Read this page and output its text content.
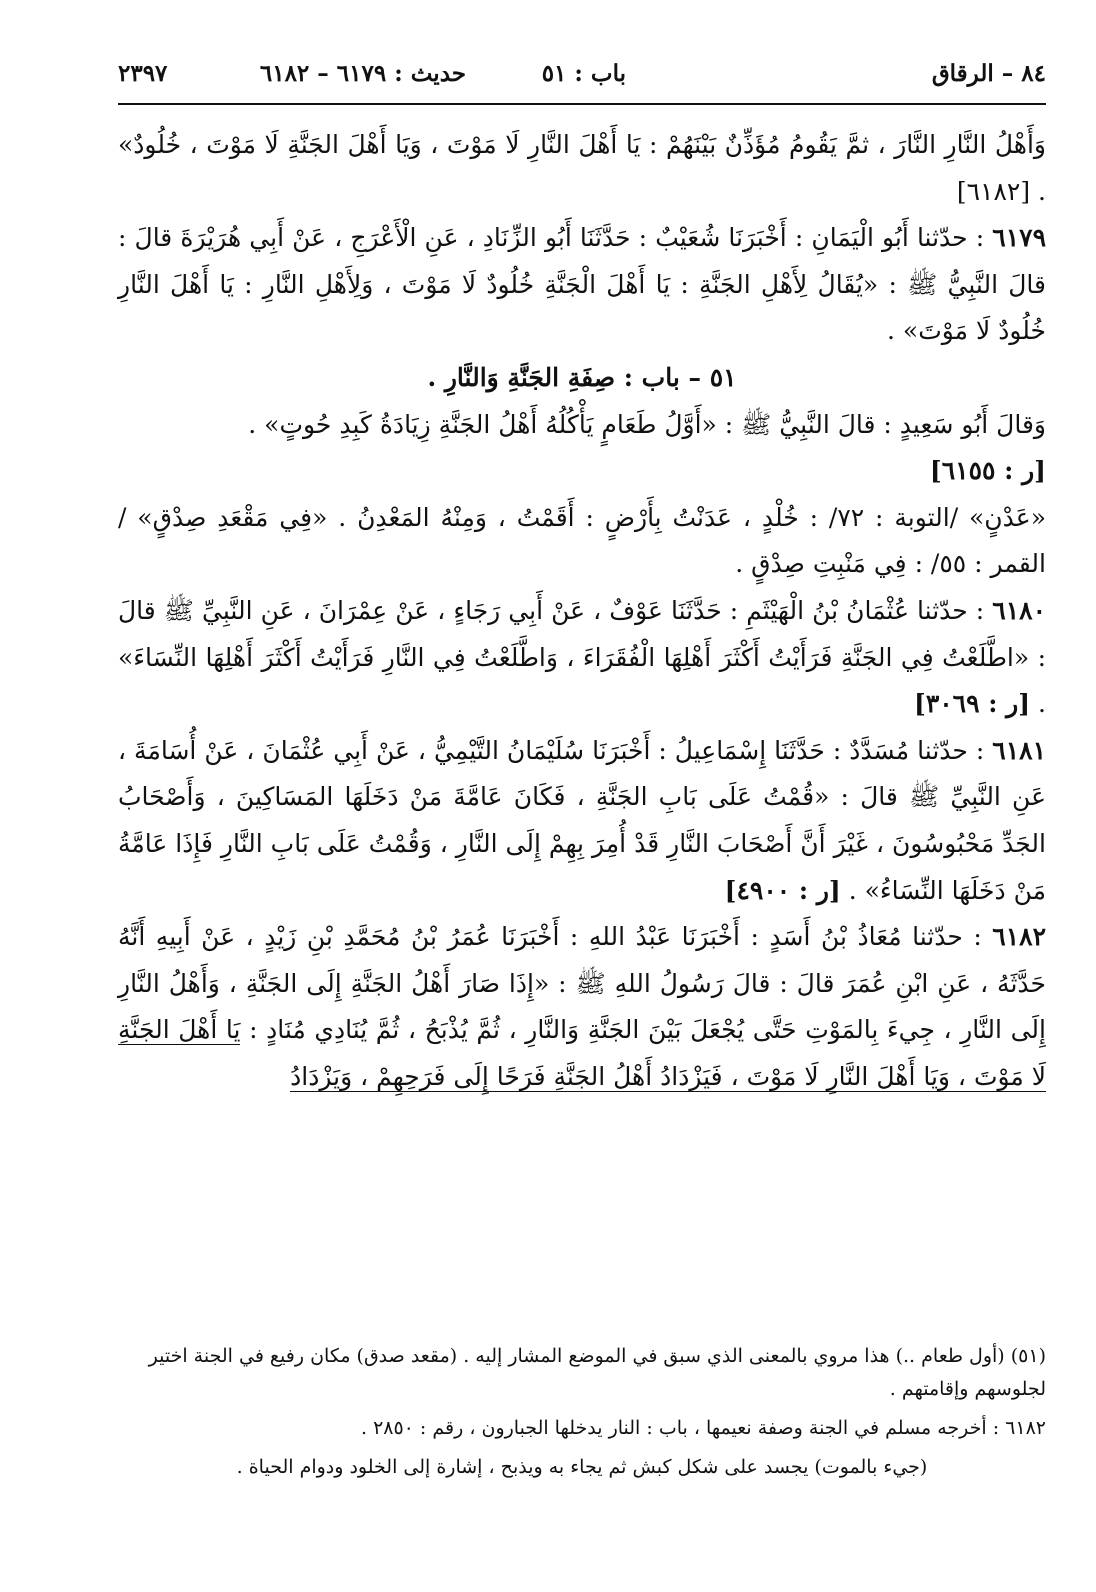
٨٤ – الرقاق
باب : ٥١
حديث : ٦١٧٩ – ٦١٨٢
٢٣٩٧

وَأَهْلُ النَّارِ النَّارَ ، ثمَّ يَقُومُ مُؤَذِّنٌ بَيْنَهُمْ : يَا أَهْلَ النَّارِ لَا مَوْتَ ، وَيَا أَهْلَ الجَنَّةِ لَا مَوْتَ ، خُلُودٌ» . [٦١٨٢]

٦١٧٩ : حدّثنا أَبُو الْيَمَانِ : أَخْبَرَنَا شُعَيْبٌ : حَدَّثَنَا أَبُو الزِّنَادِ ، عَنِ الْأَعْرَجِ ، عَنْ أَبِي هُرَيْرَةَ قالَ : قالَ النَّبِيُّ ﷺ : «يُقَالُ لِأَهْلِ الجَنَّةِ : يَا أَهْلَ الْجَنَّةِ خُلُودٌ لَا مَوْتَ ، وَلِأَهْلِ النَّارِ : يَا أَهْلَ النَّارِ خُلُودٌ لَا مَوْتَ» .

٥١ – باب : صِفَةِ الجَنَّةِ وَالنَّارِ .

وَقالَ أَبُو سَعِيدٍ : قالَ النَّبِيُّ ﷺ : «أَوَّلُ طَعَامٍ يَأْكُلُهُ أَهْلُ الجَنَّةِ زِيَادَةُ كَبِدِ حُوتٍ» .

[ر : ٦١٥٥]

«عَدْنٍ» /التوبة : ٧٢/ : خُلْدٍ ، عَدَنْتُ بِأَرْضٍ : أَقَمْتُ ، وَمِنْهُ المَعْدِنُ . «فِي مَقْعَدِ صِدْقٍ» /القمر : ٥٥/ : فِي مَنْبِتِ صِدْقٍ .

٦١٨٠ : حدّثنا عُثْمَانُ بْنُ الْهَيْثَمِ : حَدَّثَنَا عَوْفٌ ، عَنْ أَبِي رَجَاءٍ ، عَنْ عِمْرَانَ ، عَنِ النَّبِيِّ ﷺ قالَ : «اطَّلَعْتُ فِي الجَنَّةِ فَرَأَيْتُ أَكْثَرَ أَهْلِهَا الْفُقَرَاءَ ، وَاطَّلَعْتُ فِي النَّارِ فَرَأَيْتُ أَكْثَرَ أَهْلِهَا النِّسَاءَ» . [ر : ٣٠٦٩]

٦١٨١ : حدّثنا مُسَدَّدٌ : حَدَّثَنَا إِسْمَاعِيلُ : أَخْبَرَنَا سُلَيْمَانُ التَّيْمِيُّ ، عَنْ أَبِي عُثْمَانَ ، عَنْ أُسَامَةَ ، عَنِ النَّبِيِّ ﷺ قالَ : «قُمْتُ عَلَى بَابِ الجَنَّةِ ، فَكَانَ عَامَّةَ مَنْ دَخَلَهَا المَسَاكِينَ ، وَأَصْحَابُ الجَدِّ مَحْبُوسُونَ ، غَيْرَ أَنَّ أَصْحَابَ النَّارِ قَدْ أُمِرَ بِهِمْ إِلَى النَّارِ ، وَقُمْتُ عَلَى بَابِ النَّارِ فَإِذَا عَامَّةُ مَنْ دَخَلَهَا النِّسَاءُ» . [ر : ٤٩٠٠]

٦١٨٢ : حدّثنا مُعَاذُ بْنُ أَسَدٍ : أَخْبَرَنَا عَبْدُ اللهِ : أَخْبَرَنَا عُمَرُ بْنُ مُحَمَّدِ بْنِ زَيْدٍ ، عَنْ أَبِيهِ أَنَّهُ حَدَّثَهُ ، عَنِ ابْنِ عُمَرَ قالَ : قالَ رَسُولُ اللهِ ﷺ : «إِذَا صَارَ أَهْلُ الجَنَّةِ إِلَى الجَنَّةِ ، وَأَهْلُ النَّارِ إِلَى النَّارِ ، جِيءَ بِالمَوْتِ حَتَّى يُجْعَلَ بَيْنَ الجَنَّةِ وَالنَّارِ ، ثُمَّ يُذْبَحُ ، ثُمَّ يُنَادِي مُنَادٍ : يَا أَهْلَ الجَنَّةِ لَا مَوْتَ ، وَيَا أَهْلَ النَّارِ لَا مَوْتَ ، فَيَزْدَادُ أَهْلُ الجَنَّةِ فَرَحًا إِلَى فَرَحِهِمْ ، وَيَزْدَادُ

(٥١) (أول طعام ..) هذا مروي بالمعنى الذي سبق في الموضع المشار إليه . (مقعد صدق) مكان رفيع في الجنة اختير لجلوسهم وإقامتهم .

٦١٨٢ : أخرجه مسلم في الجنة وصفة نعيمها ، باب : النار يدخلها الجبارون ، رقم : ٢٨٥٠ .

(جيء بالموت) يجسد على شكل كبش ثم يجاء به ويذبح ، إشارة إلى الخلود ودوام الحياة .
